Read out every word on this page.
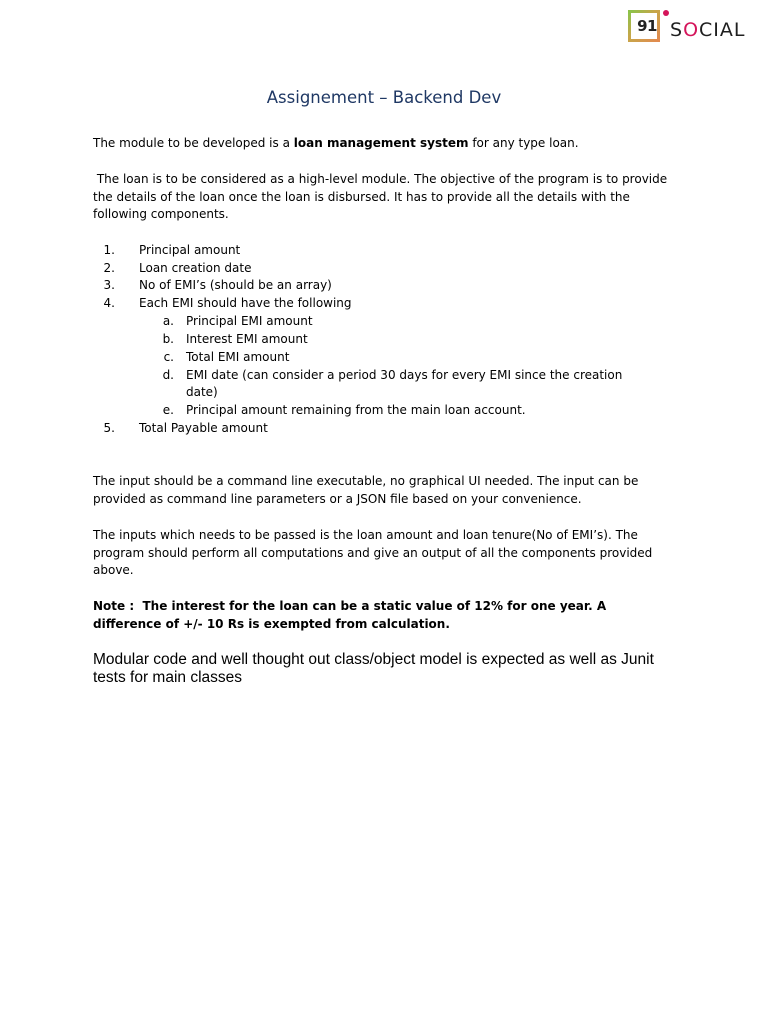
91 SOCIAL
Assignement – Backend Dev
The module to be developed is a loan management system for any type loan.
The loan is to be considered as a high-level module. The objective of the program is to provide the details of the loan once the loan is disbursed. It has to provide all the details with the following components.
1. Principal amount
2. Loan creation date
3. No of EMI’s (should be an array)
4. Each EMI should have the following
a. Principal EMI amount
b. Interest EMI amount
c. Total EMI amount
d. EMI date (can consider a period 30 days for every EMI since the creation
date)
e. Principal amount remaining from the main loan account.
5. Total Payable amount
The input should be a command line executable, no graphical UI needed. The input can be provided as command line parameters or a JSON file based on your convenience.
The inputs which needs to be passed is the loan amount and loan tenure(No of EMI’s). The program should perform all computations and give an output of all the components provided above.
Note :  The interest for the loan can be a static value of 12% for one year. A difference of +/- 10 Rs is exempted from calculation.
Modular code and well thought out class/object model is expected as well as Junit tests for main classes
